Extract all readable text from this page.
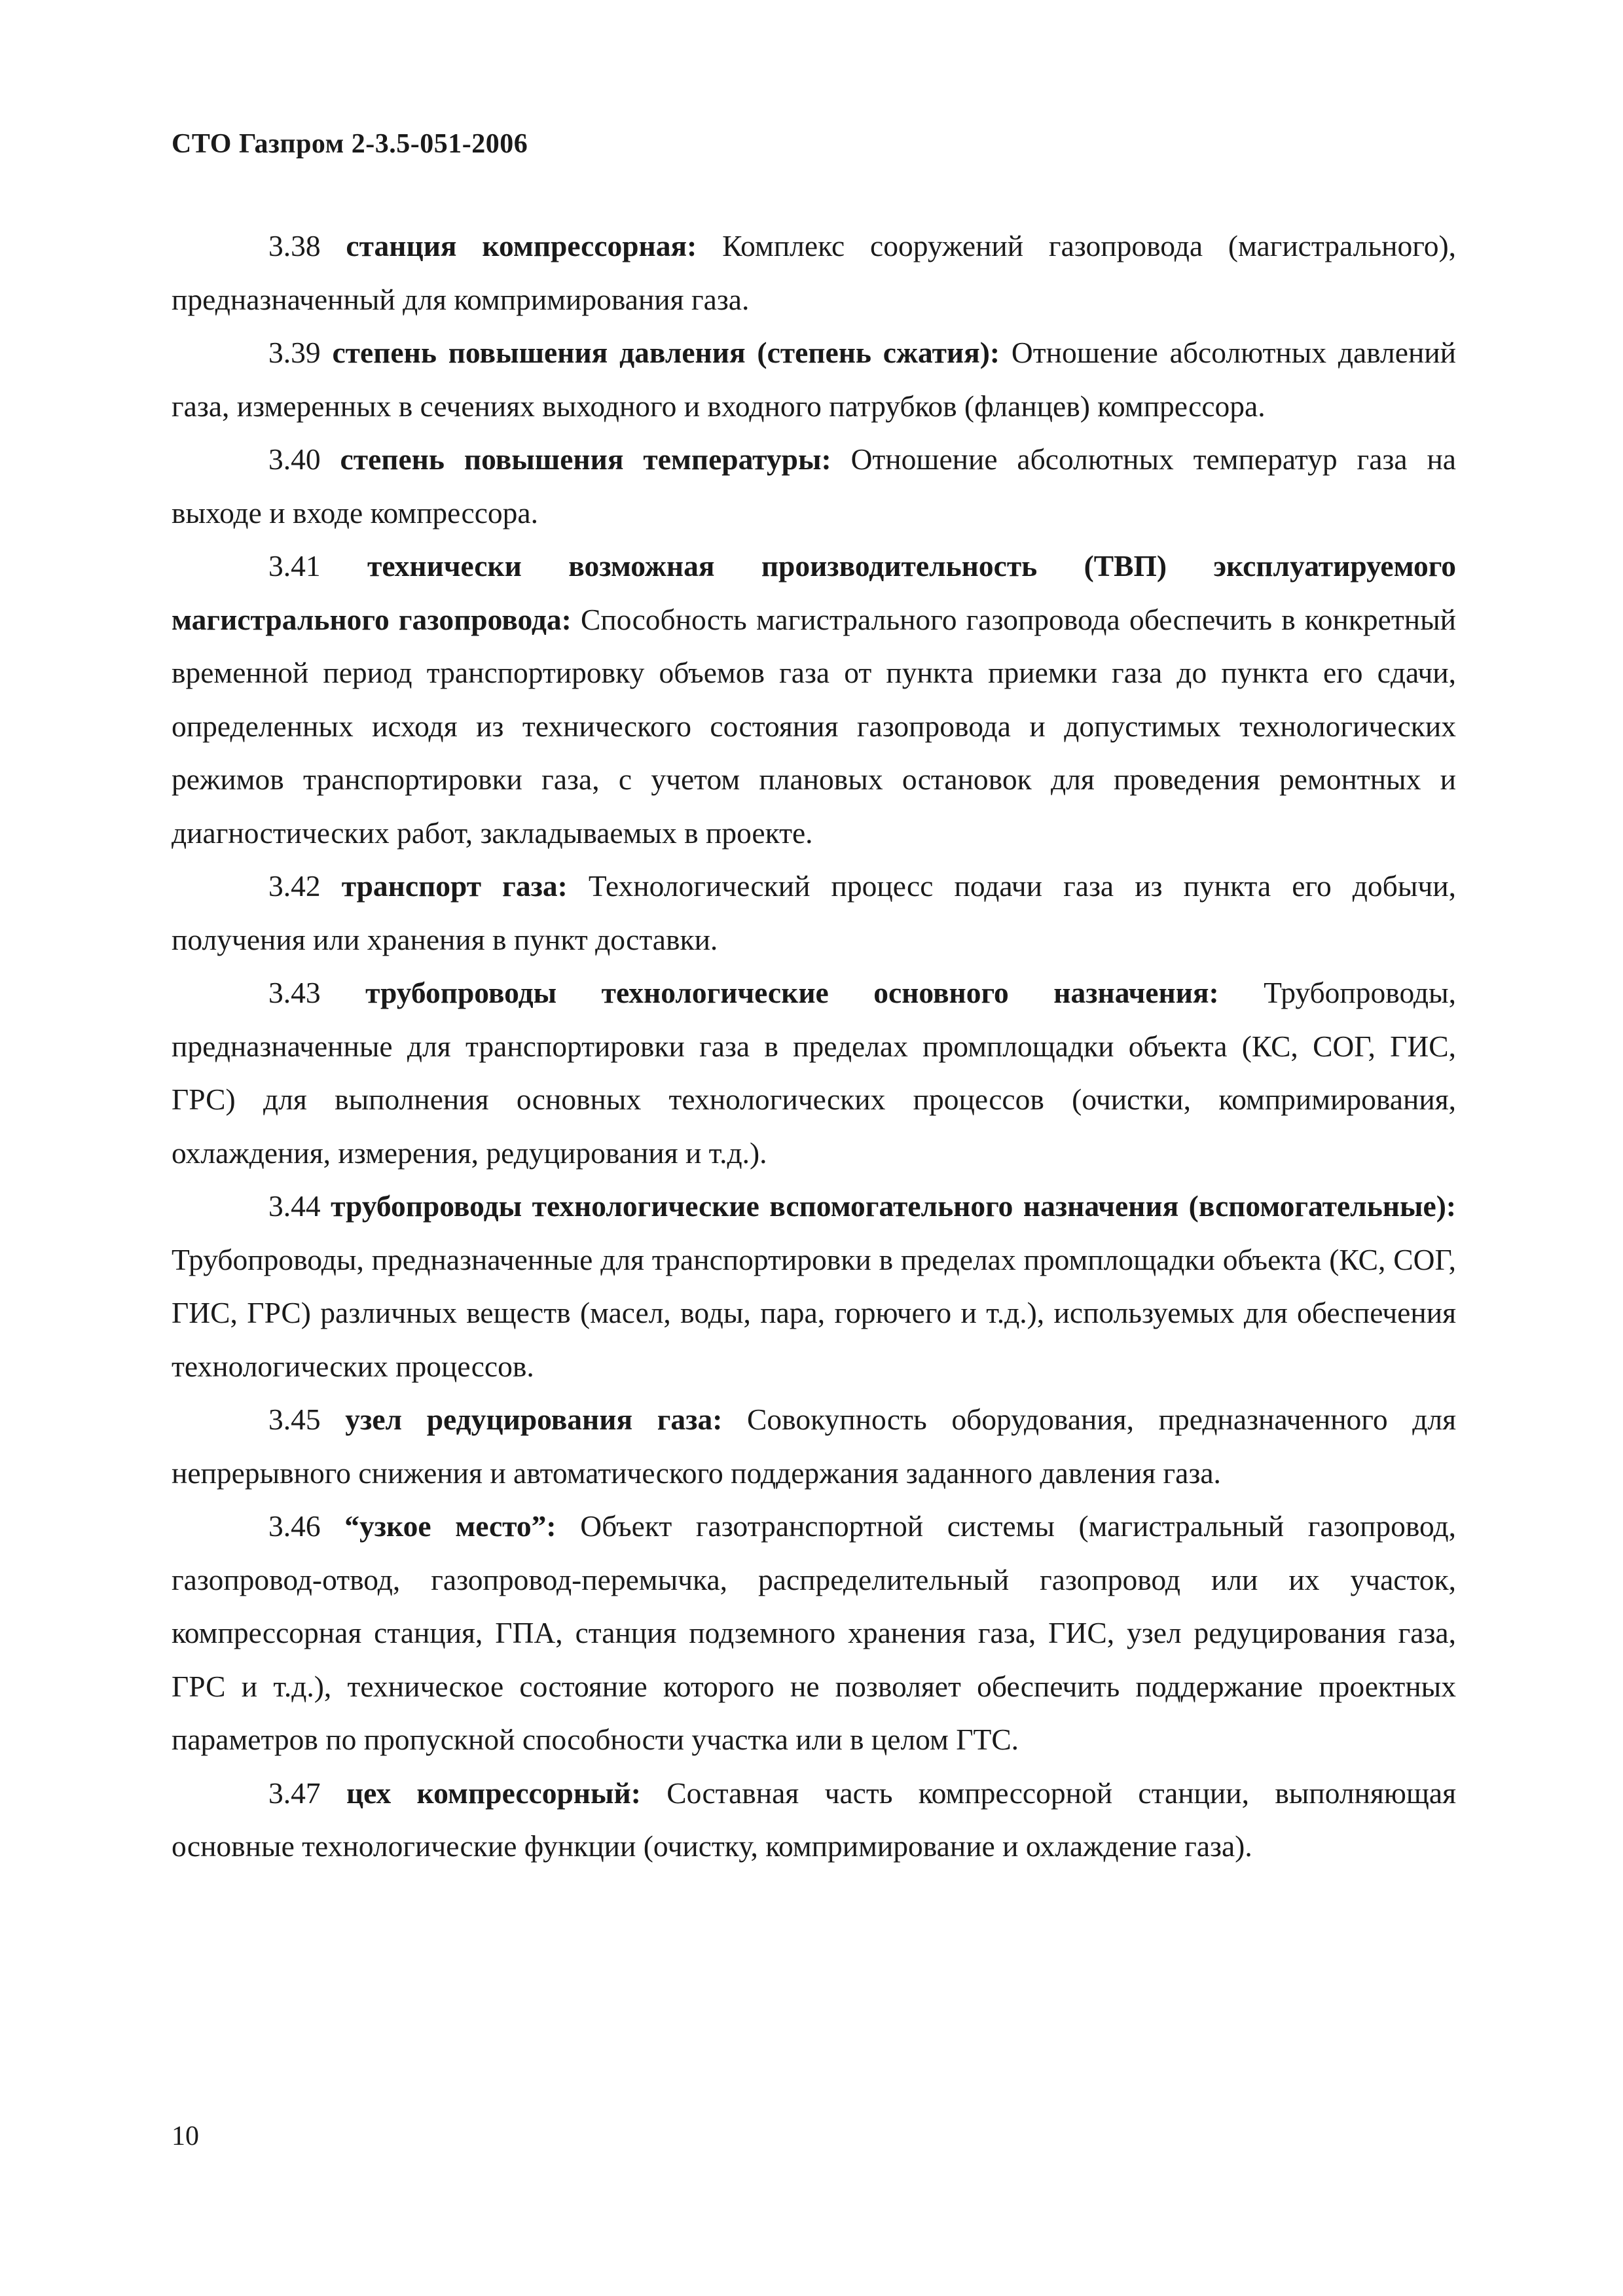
СТО Газпром 2-3.5-051-2006

3.38 станция компрессорная: Комплекс сооружений газопровода (магистрального), предназначенный для компримирования газа.

3.39 степень повышения давления (степень сжатия): Отношение абсолютных давлений газа, измеренных в сечениях выходного и входного патрубков (фланцев) компрессора.

3.40 степень повышения температуры: Отношение абсолютных температур газа на выходе и входе компрессора.

3.41 технически возможная производительность (ТВП) эксплуатируемого магистрального газопровода: Способность магистрального газопровода обеспечить в конкретный временной период транспортировку объемов газа от пункта приемки газа до пункта его сдачи, определенных исходя из технического состояния газопровода и допустимых технологических режимов транспортировки газа, с учетом плановых остановок для проведения ремонтных и диагностических работ, закладываемых в проекте.

3.42 транспорт газа: Технологический процесс подачи газа из пункта его добычи, получения или хранения в пункт доставки.

3.43 трубопроводы технологические основного назначения: Трубопроводы, предназначенные для транспортировки газа в пределах промплощадки объекта (КС, СОГ, ГИС, ГРС) для выполнения основных технологических процессов (очистки, компримирования, охлаждения, измерения, редуцирования и т.д.).

3.44 трубопроводы технологические вспомогательного назначения (вспомогательные): Трубопроводы, предназначенные для транспортировки в пределах промплощадки объекта (КС, СОГ, ГИС, ГРС) различных веществ (масел, воды, пара, горючего и т.д.), используемых для обеспечения технологических процессов.

3.45 узел редуцирования газа: Совокупность оборудования, предназначенного для непрерывного снижения и автоматического поддержания заданного давления газа.

3.46 “узкое место”: Объект газотранспортной системы (магистральный газопровод, газопровод-отвод, газопровод-перемычка, распределительный газопровод или их участок, компрессорная станция, ГПА, станция подземного хранения газа, ГИС, узел редуцирования газа, ГРС и т.д.), техническое состояние которого не позволяет обеспечить поддержание проектных параметров по пропускной способности участка или в целом ГТС.

3.47 цех компрессорный: Составная часть компрессорной станции, выполняющая основные технологические функции (очистку, компримирование и охлаждение газа).

10
